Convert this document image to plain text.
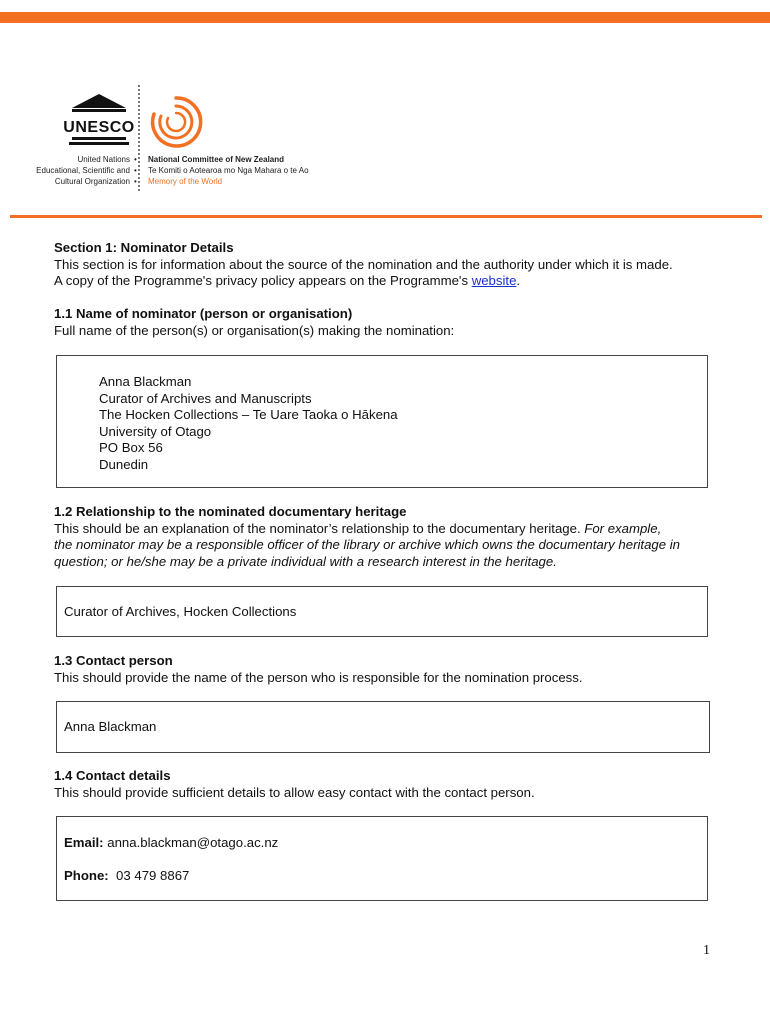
UNESCO
United Nations
Educational, Scientific and
Cultural Organization
•
•
•
National Committee of New Zealand
Te Komiti o Aotearoa mo Nga Mahara o te Ao
Memory of the World

Section 1: Nominator Details

This section is for information about the source of the nomination and the authority under which it is made.

A copy of the Programme's privacy policy appears on the Programme's website.

1.1 Name of nominator (person or organisation)

Full name of the person(s) or organisation(s) making the nomination:

Anna Blackman
Curator of Archives and Manuscripts
The Hocken Collections – Te Uare Taoka o Hākena
University of Otago
PO Box 56
Dunedin

1.2 Relationship to the nominated documentary heritage

This should be an explanation of the nominator’s relationship to the documentary heritage. For example,

the nominator may be a responsible officer of the library or archive which owns the documentary heritage in

question; or he/she may be a private individual with a research interest in the heritage.

Curator of Archives, Hocken Collections

1.3 Contact person

This should provide the name of the person who is responsible for the nomination process.

Anna Blackman

1.4 Contact details

This should provide sufficient details to allow easy contact with the contact person.

Email: anna.blackman@otago.ac.nz
Phone: 03 479 8867
1
